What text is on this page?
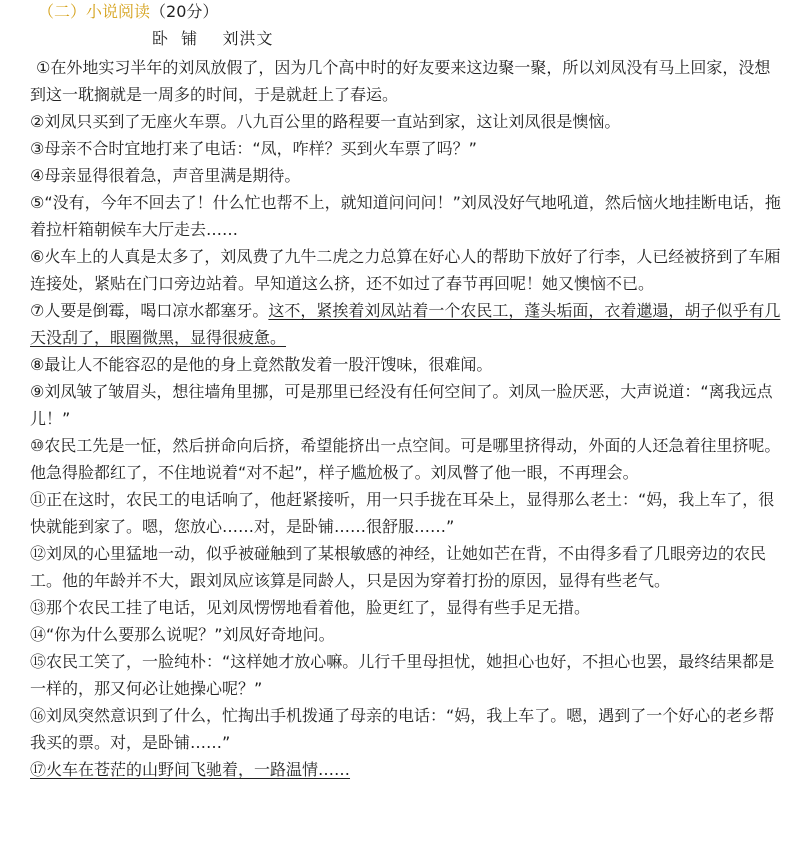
（二）小说阅读（20分）
卧  铺    刘洪文

①在外地实习半年的刘凤放假了，因为几个高中时的好友要来这边聚一聚，所以刘凤没有马上回家，没想到这一耽搁就是一周多的时间，于是就赶上了春运。

②刘凤只买到了无座火车票。八九百公里的路程要一直站到家，这让刘凤很是懊恼。

③母亲不合时宜地打来了电话：“凤，咋样？买到火车票了吗？”

④母亲显得很着急，声音里满是期待。

⑤“没有，今年不回去了！什么忙也帮不上，就知道问问问！”刘凤没好气地吼道，然后恼火地挂断电话，拖着拉杆箱朝候车大厅走去……

⑥火车上的人真是太多了，刘凤费了九牛二虎之力总算在好心人的帮助下放好了行李，人已经被挤到了车厢连接处，紧贴在门口旁边站着。早知道这么挤，还不如过了春节再回呢！她又懊恼不已。

⑦人要是倒霉，喝口凉水都塞牙。这不，紧挨着刘凤站着一个农民工，蓬头垢面，衣着邋遢，胡子似乎有几天没刮了，眼圈微黑，显得很疲惫。

⑧最让人不能容忍的是他的身上竟然散发着一股汗馊味，很难闻。

⑨刘凤皱了皱眉头，想往墙角里挪，可是那里已经没有任何空间了。刘凤一脸厌恶，大声说道：“离我远点儿！”

⑩农民工先是一怔，然后拼命向后挤，希望能挤出一点空间。可是哪里挤得动，外面的人还急着往里挤呢。他急得脸都红了，不住地说着“对不起”，样子尴尬极了。刘凤瞥了他一眼，不再理会。

⑪正在这时，农民工的电话响了，他赶紧接听，用一只手拢在耳朵上，显得那么老土：“妈，我上车了，很快就能到家了。嗯，您放心……对，是卧铺……很舒服……”

⑫刘凤的心里猛地一动，似乎被碰触到了某根敏感的神经，让她如芒在背，不由得多看了几眼旁边的农民工。他的年龄并不大，跟刘凤应该算是同龄人，只是因为穿着打扮的原因，显得有些老气。

⑬那个农民工挂了电话，见刘凤愣愣地看着他，脸更红了，显得有些手足无措。

⑭“你为什么要那么说呢？”刘凤好奇地问。

⑮农民工笑了，一脸纯朴：“这样她才放心嘛。儿行千里母担忧，她担心也好，不担心也罢，最终结果都是一样的，那又何必让她操心呢？”

⑯刘凤突然意识到了什么，忙掏出手机拨通了母亲的电话：“妈，我上车了。嗯，遇到了一个好心的老乡帮我买的票。对，是卧铺……”

⑰火车在苍茫的山野间飞驰着，一路温情……
